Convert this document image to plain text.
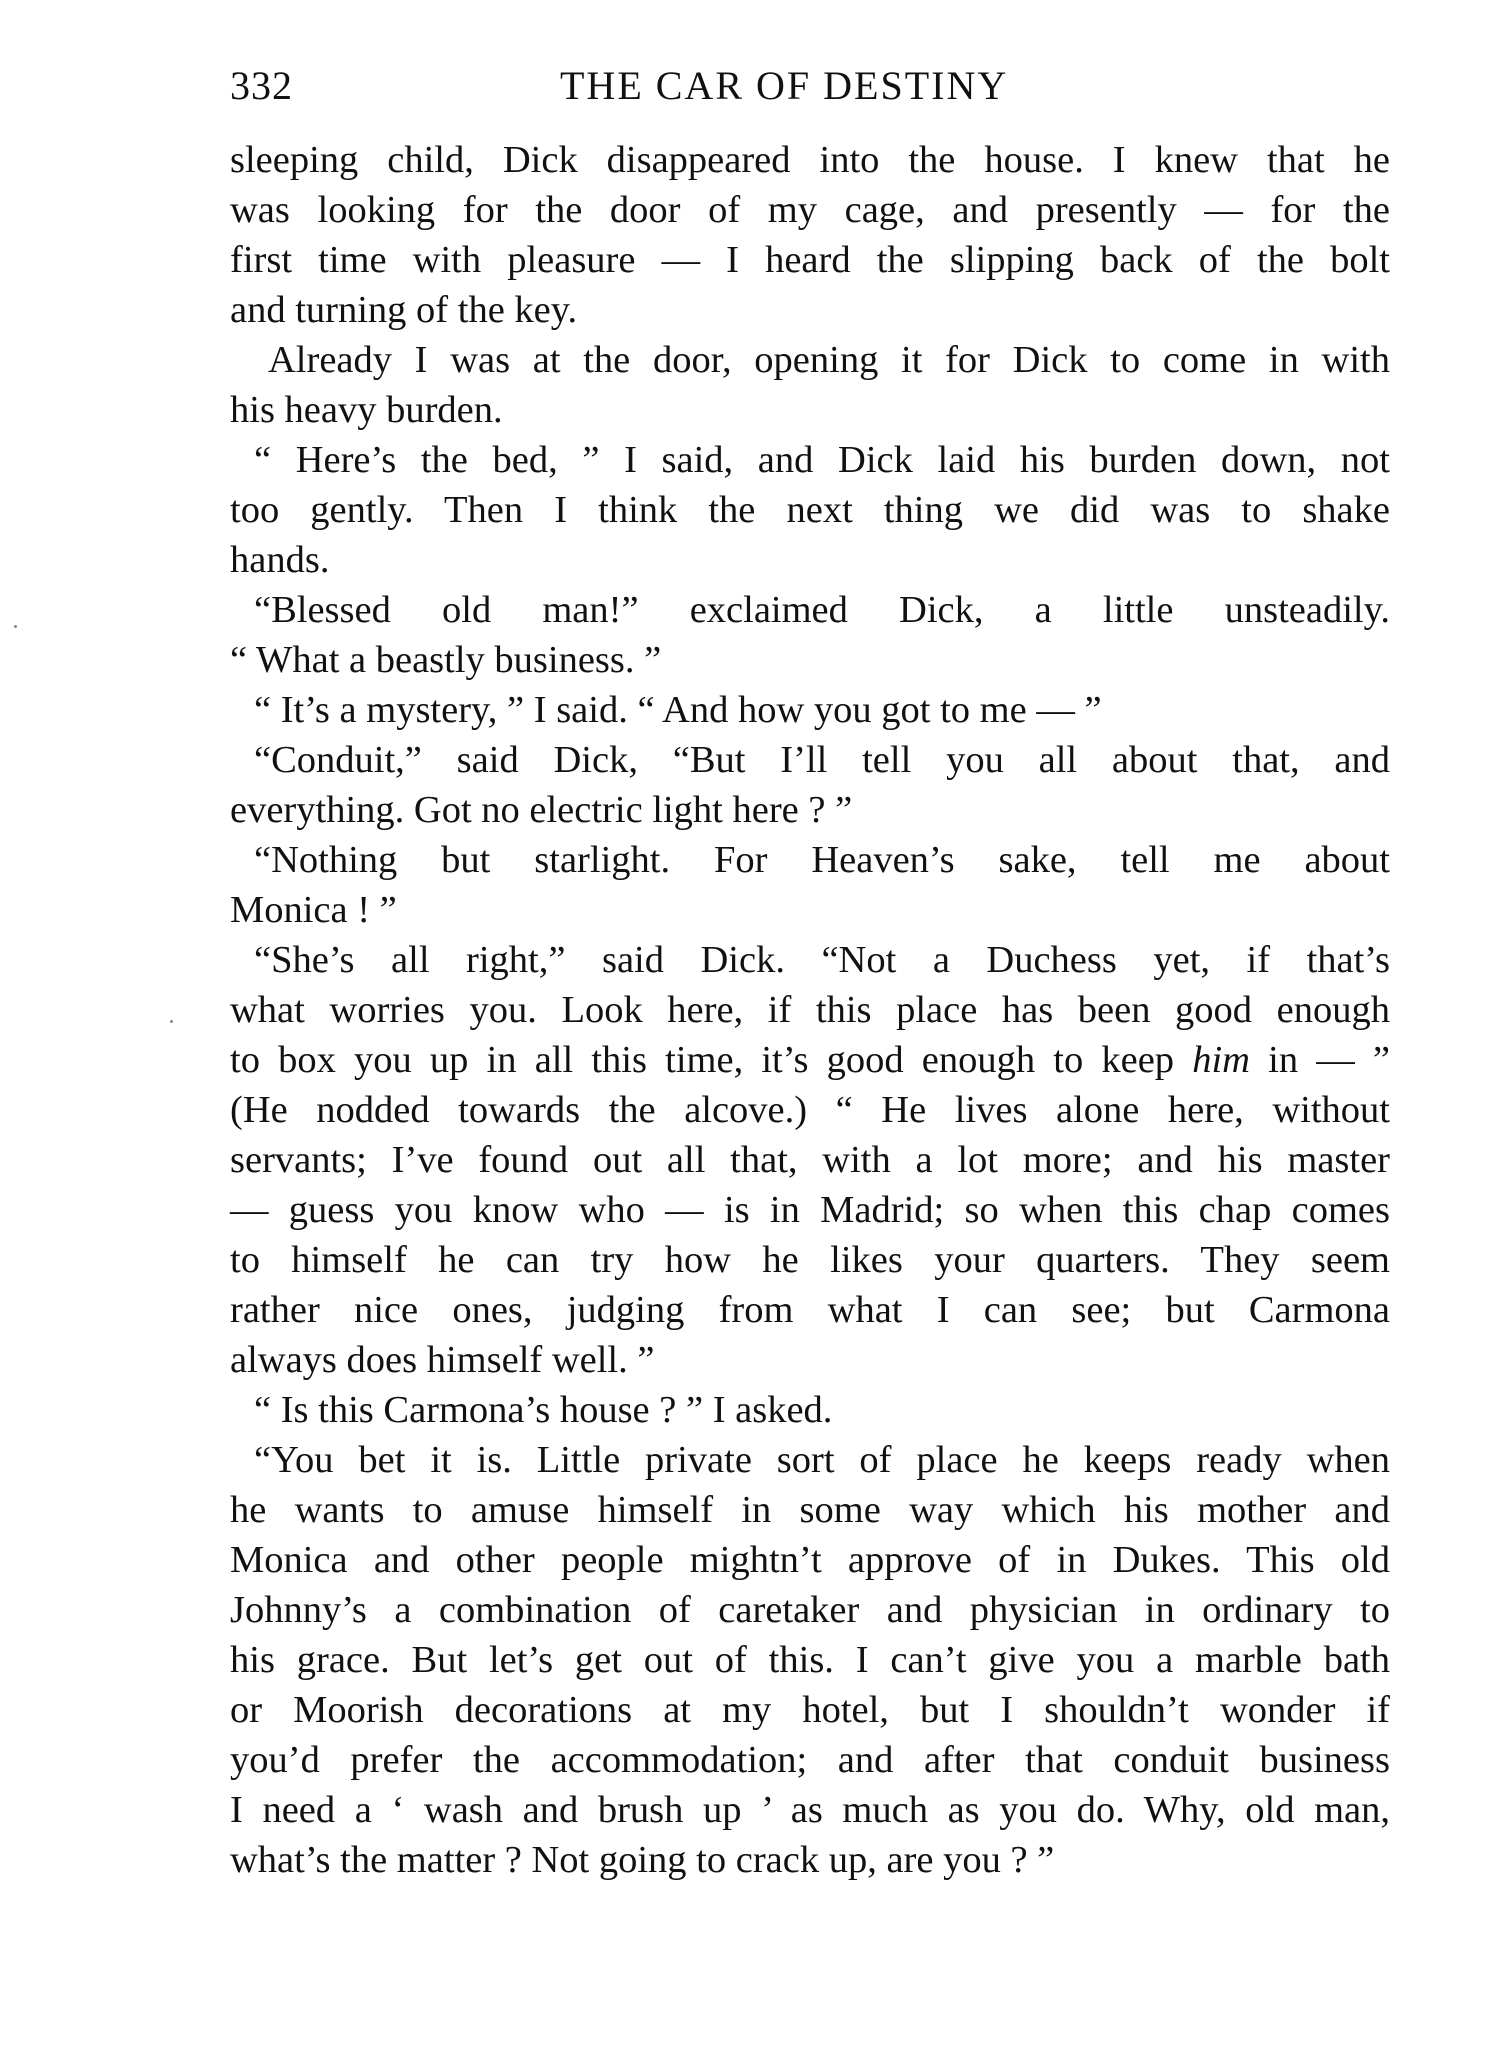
332	THE CAR OF DESTINY
sleeping child, Dick disappeared into the house. I knew that he
was looking for the door of my cage, and presently — for the
first time with pleasure — I heard the slipping back of the bolt
and turning of the key.
Already I was at the door, opening it for Dick to come in with
his heavy burden.
“ Here’s the bed, ” I said, and Dick laid his burden down, not
too gently. Then I think the next thing we did was to shake
hands.
“Blessed old man!” exclaimed Dick, a little unsteadily.
“ What a beastly business. ”
“ It’s a mystery, ” I said. “ And how you got to me — ”
“Conduit,” said Dick, “But I’ll tell you all about that, and
everything. Got no electric light here ? ”
“Nothing but starlight. For Heaven’s sake, tell me about
Monica ! ”
“She’s all right,” said Dick. “Not a Duchess yet, if that’s
what worries you. Look here, if this place has been good enough
to box you up in all this time, it’s good enough to keep him in — ”
(He nodded towards the alcove.) “ He lives alone here, without
servants; I’ve found out all that, with a lot more; and his master
— guess you know who — is in Madrid; so when this chap comes
to himself he can try how he likes your quarters. They seem
rather nice ones, judging from what I can see; but Carmona
always does himself well. ”
“ Is this Carmona’s house ? ” I asked.
“You bet it is. Little private sort of place he keeps ready when
he wants to amuse himself in some way which his mother and
Monica and other people mightn’t approve of in Dukes. This old
Johnny’s a combination of caretaker and physician in ordinary to
his grace. But let’s get out of this. I can’t give you a marble bath
or Moorish decorations at my hotel, but I shouldn’t wonder if
you’d prefer the accommodation; and after that conduit business
I need a ‘ wash and brush up ’ as much as you do. Why, old man,
what’s the matter ? Not going to crack up, are you ? ”
